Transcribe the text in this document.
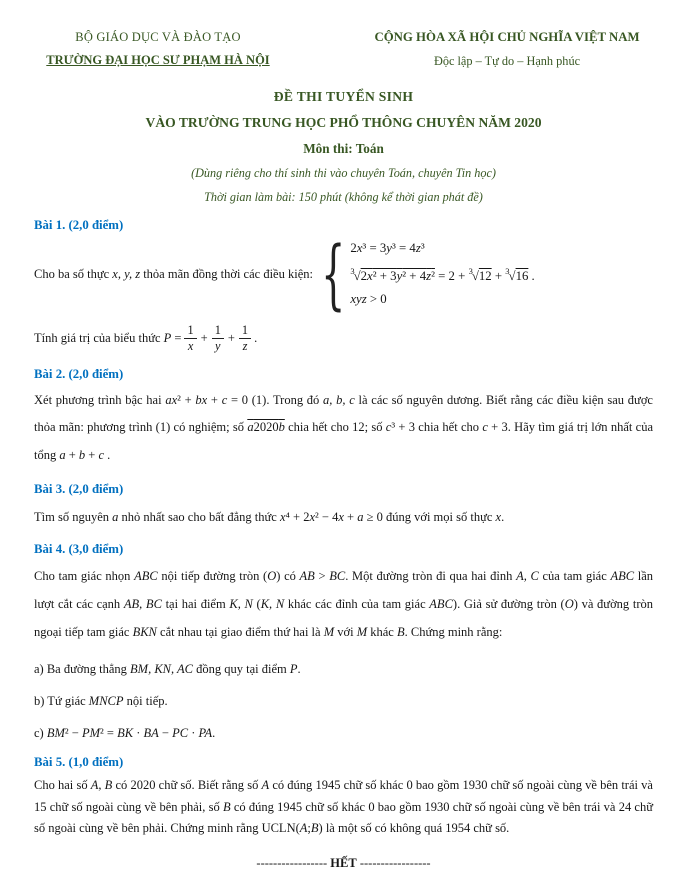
BỘ GIÁO DỤC VÀ ĐÀO TẠO
TRƯỜNG ĐẠI HỌC SƯ PHẠM HÀ NỘI
CỘNG HÒA XÃ HỘI CHỦ NGHĨA VIỆT NAM
Độc lập – Tự do – Hạnh phúc
ĐỀ THI TUYỂN SINH
VÀO TRƯỜNG TRUNG HỌC PHỔ THÔNG CHUYÊN NĂM 2020
Môn thi: Toán
(Dùng riêng cho thí sinh thi vào chuyên Toán, chuyên Tin học)
Thời gian làm bài: 150 phút (không kể thời gian phát đề)
Bài 1. (2,0 điểm)
Cho ba số thực x, y, z thỏa mãn đồng thời các điều kiện: { 2x³ = 3y³ = 4z³
$^3√2\overline{x}^2 + 3\overline{y}^2 + 4\overline{z}^2 = 2 + ^3√12 + ^3√16$ .
xyz > 0
Tính giá trị của biểu thức $P = \frac{1}{x} + \frac{1}{y} + \frac{1}{z}$ .
Bài 2. (2,0 điểm)
Xét phương trình bậc hai ax² + bx + c = 0 (1). Trong đó a, b, c là các số nguyên dương. Biết rằng các điều kiện sau được thỏa mãn: phương trình (1) có nghiệm; số $\overline{a}2020\overline{b}$ chia hết cho 12; số c³ + 3 chia hết cho c + 3. Hãy tìm giá trị lớn nhất của tổng a + b + c .
Bài 3. (2,0 điểm)
Tìm số nguyên a nhỏ nhất sao cho bất đẳng thức x⁴ + 2x² − 4x + a ≥ 0 đúng với mọi số thực x.
Bài 4. (3,0 điểm)
Cho tam giác nhọn ABC nội tiếp đường tròn (O) có AB > BC. Một đường tròn đi qua hai đỉnh A, C của tam giác ABC lần lượt cắt các cạnh AB, BC tại hai điểm K, N (K, N khác các đỉnh của tam giác ABC). Giả sử đường tròn (O) và đường tròn ngoại tiếp tam giác BKN cắt nhau tại giao điểm thứ hai là M với M khác B. Chứng minh rằng:
a) Ba đường thẳng BM, KN, AC đồng quy tại điểm P.
b) Tứ giác MNCP nội tiếp.
c) BM² − PM² = BK · BA − PC · PA.
Bài 5. (1,0 điểm)
Cho hai số A, B có 2020 chữ số. Biết rằng số A có đúng 1945 chữ số khác 0 bao gồm 1930 chữ số ngoài cùng về bên trái và 15 chữ số ngoài cùng về bên phải, số B có đúng 1945 chữ số khác 0 bao gồm 1930 chữ số ngoài cùng về bên trái và 24 chữ số ngoài cùng về bên phải. Chứng minh rằng UCLN(A;B) là một số có không quá 1954 chữ số.
----------------- HẾT -----------------
